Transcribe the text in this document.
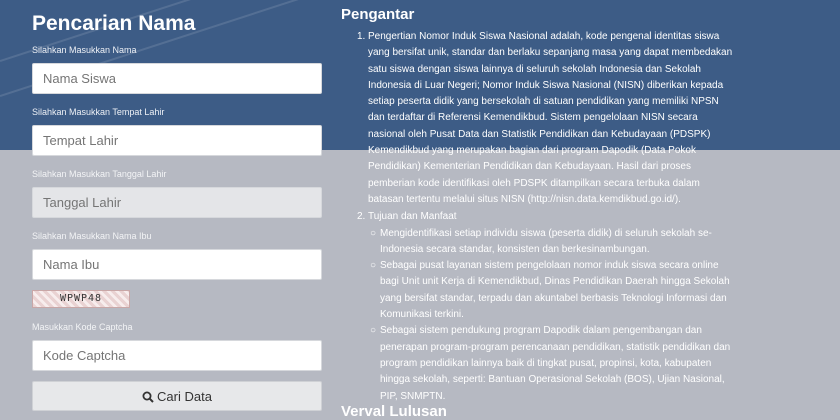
Pencarian Nama
Silahkan Masukkan Nama
Nama Siswa
Silahkan Masukkan Tempat Lahir
Tempat Lahir
Silahkan Masukkan Tanggal Lahir
Tanggal Lahir
Silahkan Masukkan Nama Ibu
Nama Ibu
WPWP48
Masukkan Kode Captcha
Kode Captcha
Cari Data
Pengantar
1. Pengertian Nomor Induk Siswa Nasional adalah, kode pengenal identitas siswa yang bersifat unik, standar dan berlaku sepanjang masa yang dapat membedakan satu siswa dengan siswa lainnya di seluruh sekolah Indonesia dan Sekolah Indonesia di Luar Negeri; Nomor Induk Siswa Nasional (NISN) diberikan kepada setiap peserta didik yang bersekolah di satuan pendidikan yang memiliki NPSN dan terdaftar di Referensi Kemendikbud. Sistem pengelolaan NISN secara nasional oleh Pusat Data dan Statistik Pendidikan dan Kebudayaan (PDSPK) Kemendikbud yang merupakan bagian dari program Dapodik (Data Pokok Pendidikan) Kementerian Pendidikan dan Kebudayaan. Hasil dari proses pemberian kode identifikasi oleh PDSPK ditampilkan secara terbuka dalam batasan tertentu melalui situs NISN (http://nisn.data.kemdikbud.go.id/).
2. Tujuan dan Manfaat
○ Mengidentifikasi setiap individu siswa (peserta didik) di seluruh sekolah se-Indonesia secara standar, konsisten dan berkesinambungan.
○ Sebagai pusat layanan sistem pengelolaan nomor induk siswa secara online bagi Unit unit Kerja di Kemendikbud, Dinas Pendidikan Daerah hingga Sekolah yang bersifat standar, terpadu dan akuntabel berbasis Teknologi Informasi dan Komunikasi terkini.
○ Sebagai sistem pendukung program Dapodik dalam pengembangan dan penerapan program-program perencanaan pendidikan, statistik pendidikan dan program pendidikan lainnya baik di tingkat pusat, propinsi, kota, kabupaten hingga sekolah, seperti: Bantuan Operasional Sekolah (BOS), Ujian Nasional, PIP, SNMPTN.
Verval Lulusan
